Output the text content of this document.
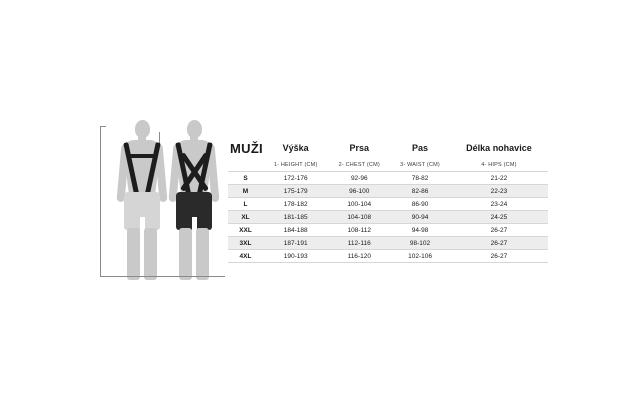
MUŽI	Výška	Prsa	Pas	Délka nohavice
	1- HEIGHT (CM)	2- CHEST (CM)	3- WAIST (CM)	4- HIPS (CM)
S	172-176	92-96	78-82	21-22
M	175-179	96-100	82-86	22-23
L	178-182	100-104	86-90	23-24
XL	181-185	104-108	90-94	24-25
XXL	184-188	108-112	94-98	26-27
3XL	187-191	112-116	98-102	26-27
4XL	190-193	116-120	102-106	26-27
